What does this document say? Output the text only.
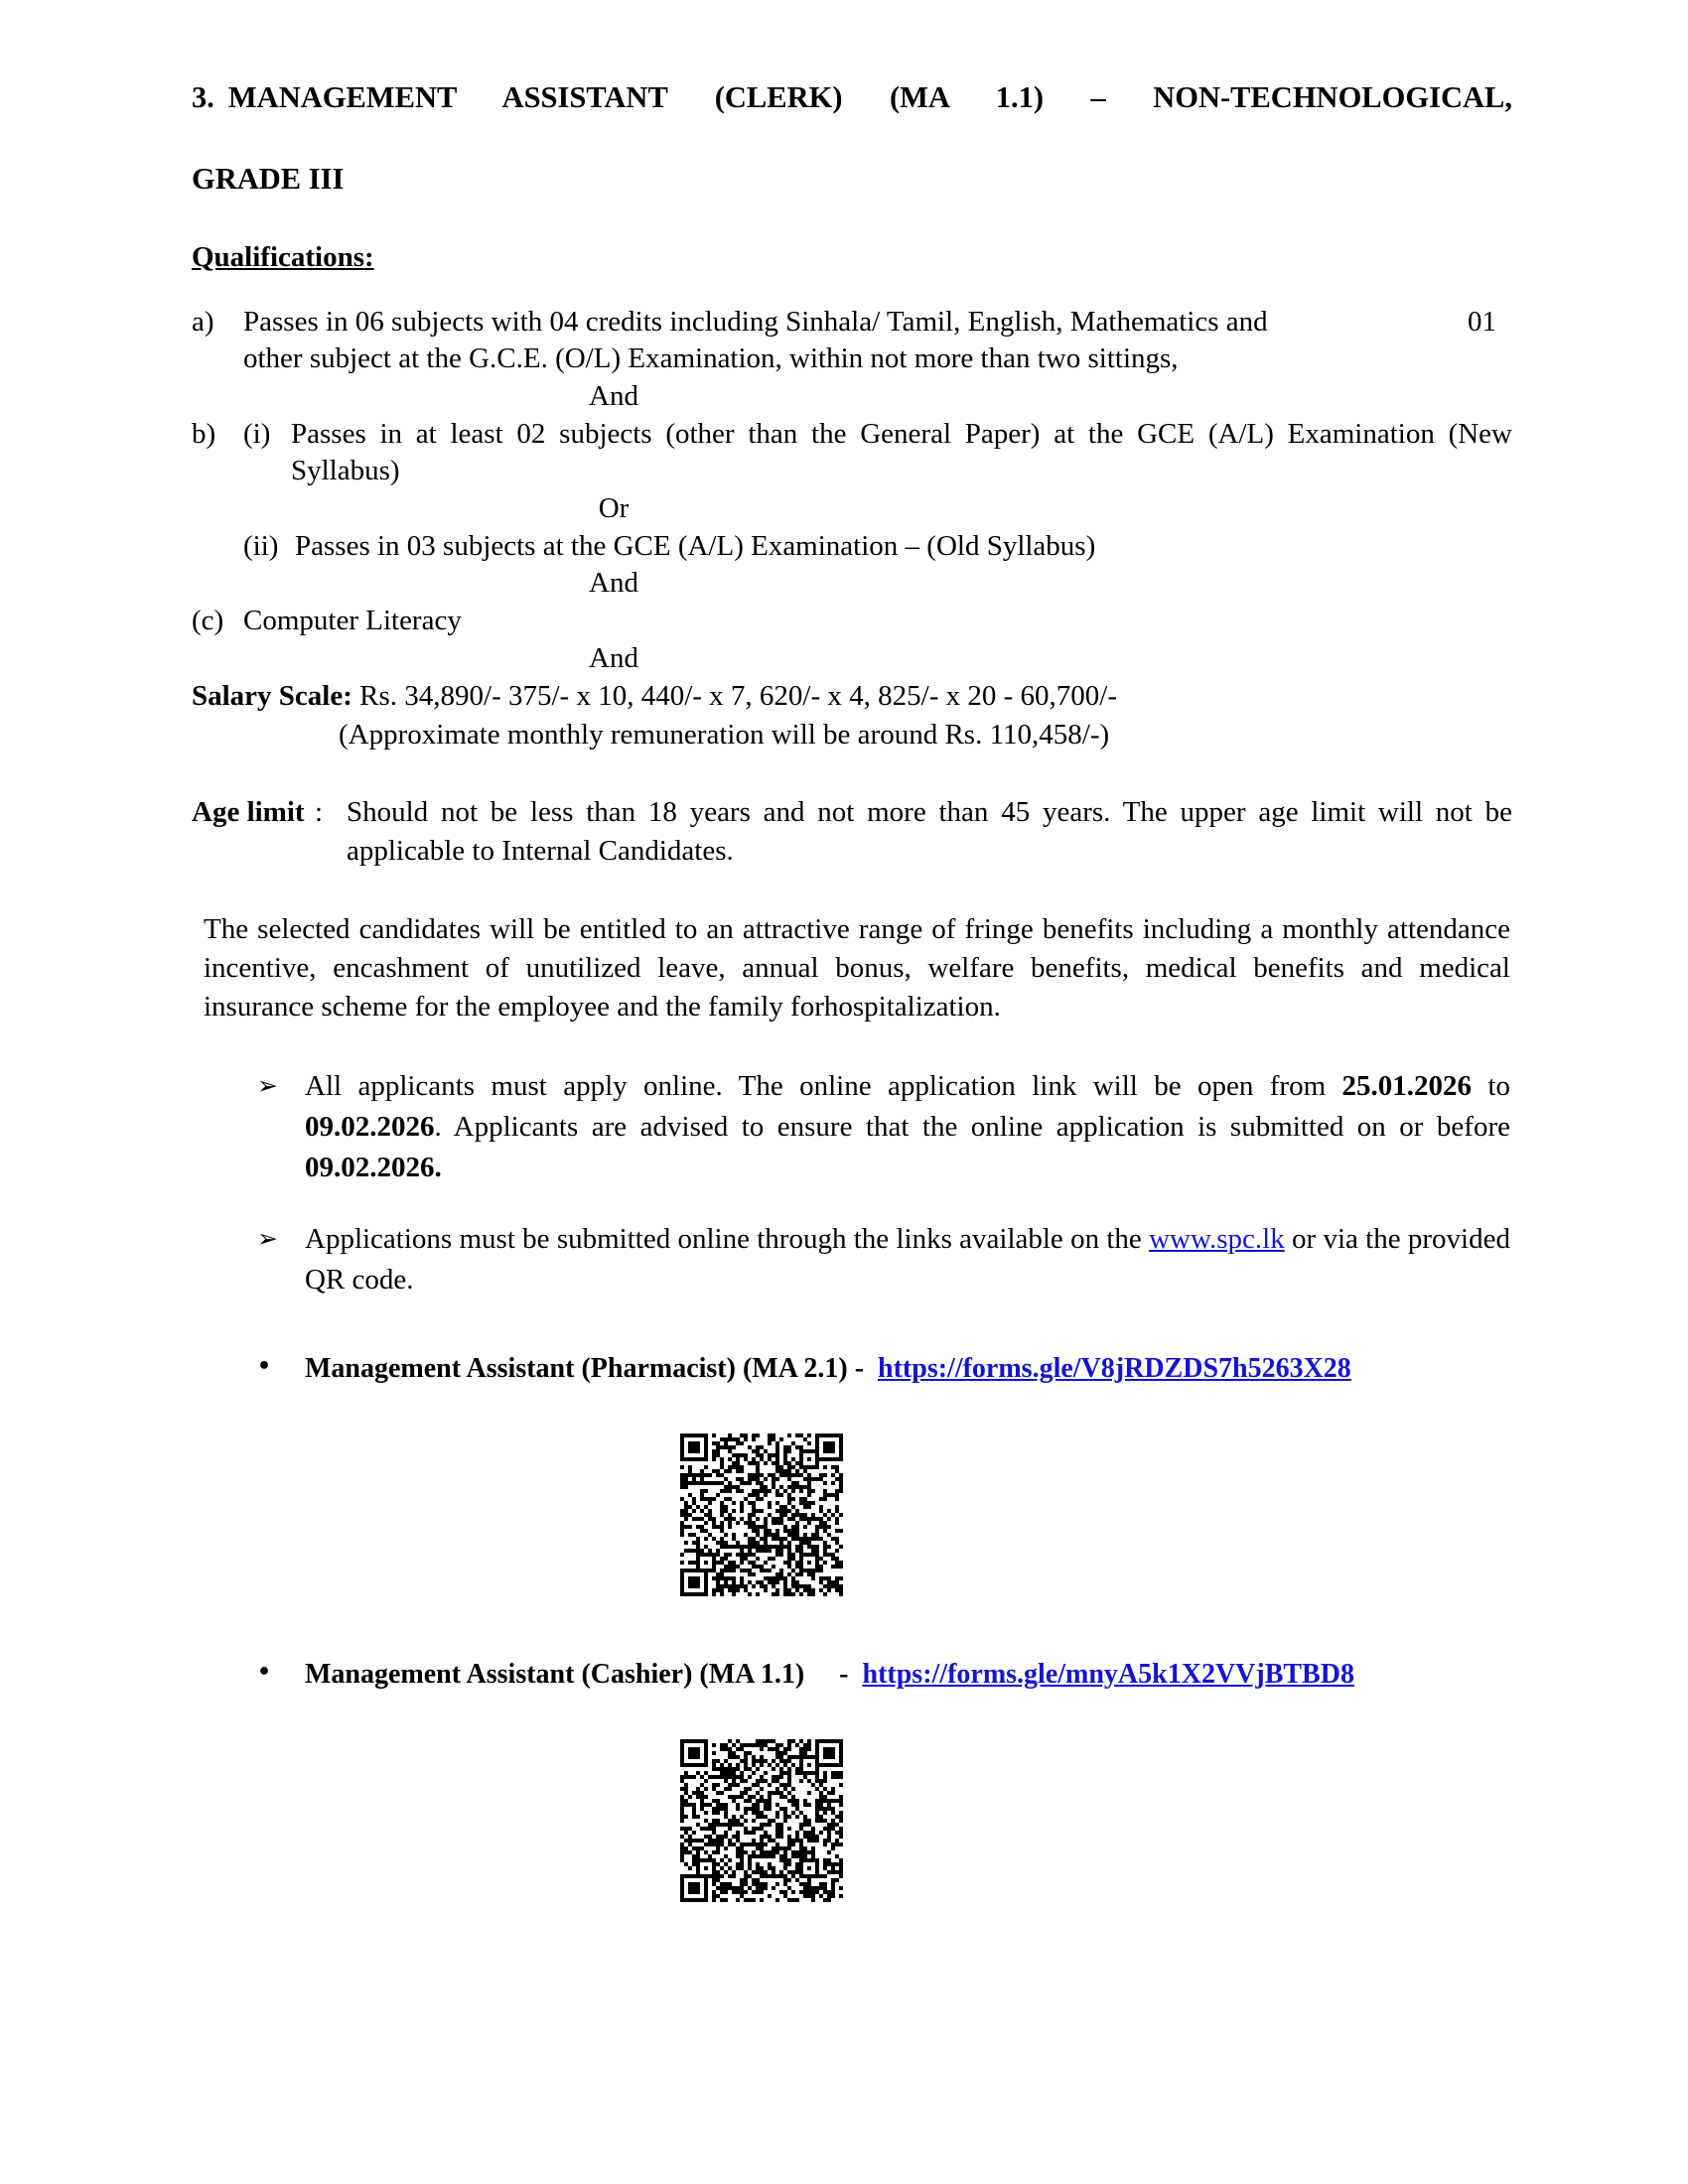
3. MANAGEMENT ASSISTANT (CLERK) (MA 1.1) – NON-TECHNOLOGICAL,
GRADE III
Qualifications:
a)	Passes in 06 subjects with 04 credits including Sinhala/ Tamil, English, Mathematics and	01
other subject at the G.C.E. (O/L) Examination, within not more than two sittings,
And
b) (i) Passes in at least 02 subjects (other than the General Paper) at the GCE (A/L) Examination (New Syllabus)
Or
(ii) Passes in 03 subjects at the GCE (A/L) Examination – (Old Syllabus)
And
(c) Computer Literacy
And
Salary Scale: Rs. 34,890/- 375/- x 10, 440/- x 7, 620/- x 4, 825/- x 20 - 60,700/-
(Approximate monthly remuneration will be around Rs. 110,458/-)
Age limit : Should not be less than 18 years and not more than 45 years. The upper age limit will not be applicable to Internal Candidates.
The selected candidates will be entitled to an attractive range of fringe benefits including a monthly attendance incentive, encashment of unutilized leave, annual bonus, welfare benefits, medical benefits and medical insurance scheme for the employee and the family forhospitalization.
➢ All applicants must apply online. The online application link will be open from 25.01.2026 to 09.02.2026. Applicants are advised to ensure that the online application is submitted on or before 09.02.2026.
➢ Applications must be submitted online through the links available on the www.spc.lk or via the provided QR code.
•	Management Assistant (Pharmacist) (MA 2.1) -  https://forms.gle/V8jRDZDS7h5263X28
•	Management Assistant (Cashier) (MA 1.1)     -  https://forms.gle/mnyA5k1X2VVjBTBD8
